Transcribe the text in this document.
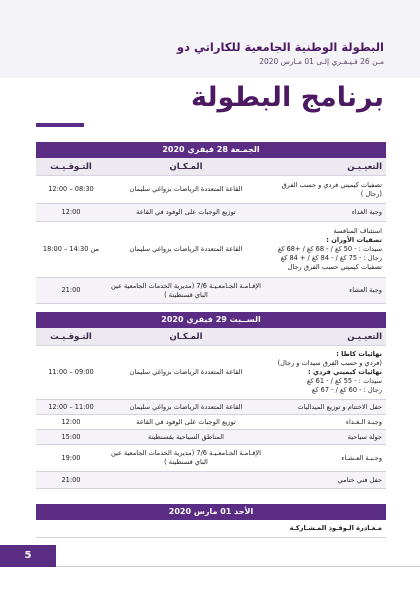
البطولة الوطنية الجامعية للكاراتي دو
مـن 26 فـيـفـري إلـى 01 مـارس 2020
برنامج البطولة
الجمـعة 28 فيفري 2020
التعيـيـن
المـكـان
التـوقـيـت
تصفيات كيميتي فردي و حسب الفرق (رجال )
القاعة المتعددة الرياضات بزواغي سليمان
08:30 – 12:00
وجبة الغداء
توزيع الوجبات على الوفود في القاعة
12:00
استئناف المنافسة
تصفيات الأوزان :
سيدات : - 50 كغ / - 68 كغ / +68 كغ
رجال : - 75 كغ / - 84 كغ / + 84 كغ
تصفيات كيميتي حسب الفرق رجال
القاعة المتعددة الرياضات بزواغي سليمان
من 14:30 – 18:00
وجبة العشاء
الإقـامـة الجـامعـيـة 7/6 (مديرية الخدمات الجامعية عين الباي قسنطينة )
21:00
الســبت 29 فيفري 2020
التعيـيـن
المـكـان
التـوقـيـت
نهائيات كاطا :
(فردي و حسب الفرق سيدات و رجال)
نهائيات كيميتي فردي :
سيدات : - 55 كغ / - 61 كغ
رجال : - 60 كغ / - 67 كغ
القاعة المتعددة الرياضات بزواغي سليمان
09:00 – 11:00
حفل الاختتام و توزيع الميداليات
القاعة المتعددة الرياضات بزواغي سليمان
11:00 – 12:00
وجبـة الـغـداء
توزيع الوجبات على الوفود في القاعة
12:00
جولة سياحية
المناطق السياحية بقسنطينة
15:00
وجـبـة العـشـاء
الإقـامـة الجـامعـيـة 7/6 (مديرية الخدمات الجامعية عين الباي قسنطينة )
19:00
حفل فني ختامي
21:00
الأحد 01 مارس 2020
مـغـادرة الـوفـود المـشـاركـة
5
